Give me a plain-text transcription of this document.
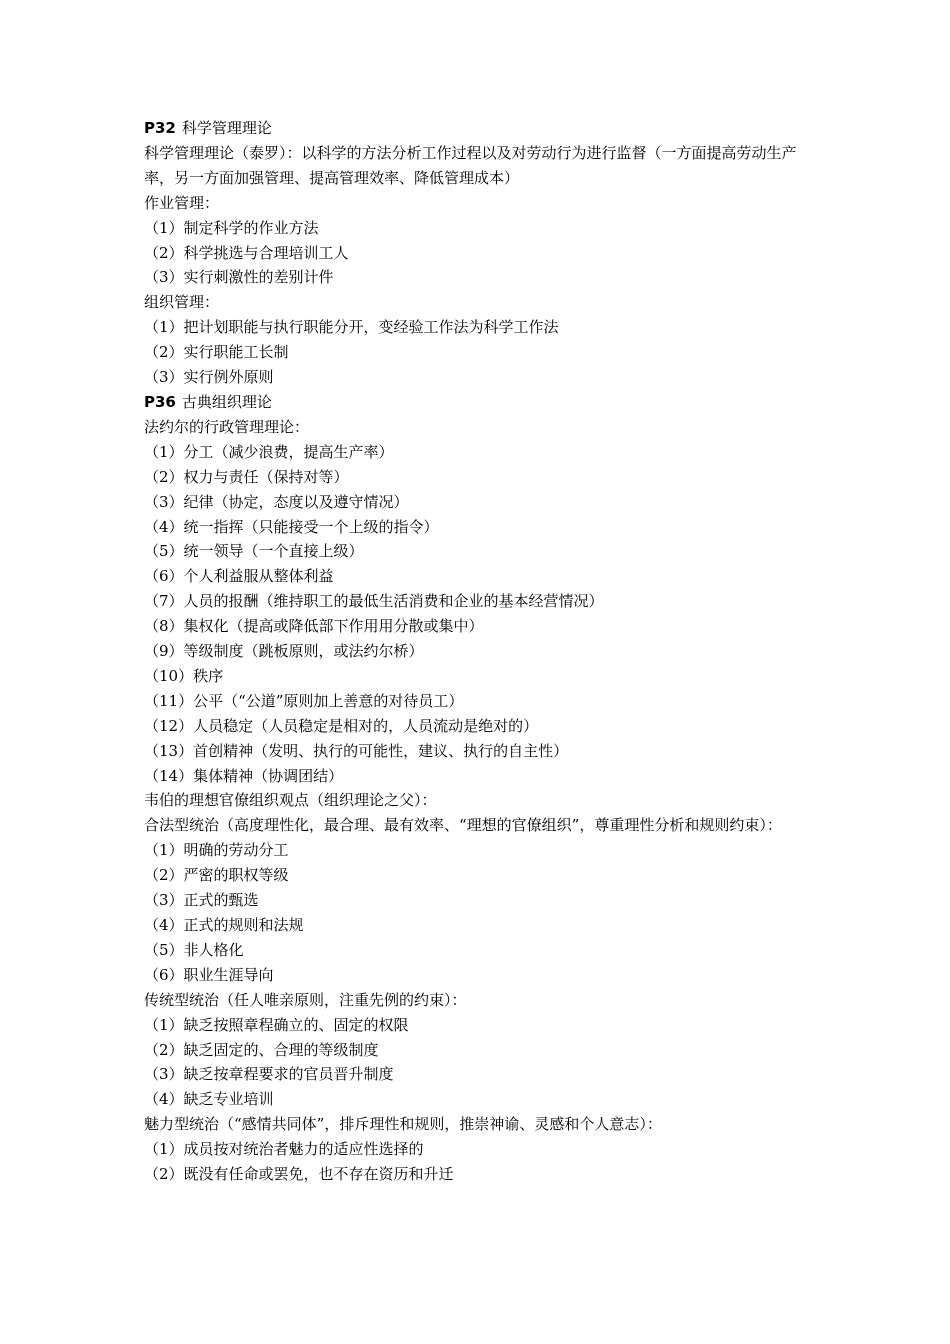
P32 科学管理理论
科学管理理论（泰罗）：以科学的方法分析工作过程以及对劳动行为进行监督（一方面提高劳动生产率，另一方面加强管理、提高管理效率、降低管理成本）
作业管理：
（1）制定科学的作业方法
（2）科学挑选与合理培训工人
（3）实行刺激性的差别计件
组织管理：
（1）把计划职能与执行职能分开，变经验工作法为科学工作法
（2）实行职能工长制
（3）实行例外原则
P36 古典组织理论
法约尔的行政管理理论：
（1）分工（减少浪费，提高生产率）
（2）权力与责任（保持对等）
（3）纪律（协定，态度以及遵守情况）
（4）统一指挥（只能接受一个上级的指令）
（5）统一领导（一个直接上级）
（6）个人利益服从整体利益
（7）人员的报酬（维持职工的最低生活消费和企业的基本经营情况）
（8）集权化（提高或降低部下作用用分散或集中）
（9）等级制度（跳板原则，或法约尔桥）
（10）秩序
（11）公平（“公道”原则加上善意的对待员工）
（12）人员稳定（人员稳定是相对的，人员流动是绝对的）
（13）首创精神（发明、执行的可能性，建议、执行的自主性）
（14）集体精神（协调团结）
韦伯的理想官僚组织观点（组织理论之父）：
合法型统治（高度理性化，最合理、最有效率、“理想的官僚组织”，尊重理性分析和规则约束）：
（1）明确的劳动分工
（2）严密的职权等级
（3）正式的甄选
（4）正式的规则和法规
（5）非人格化
（6）职业生涯导向
传统型统治（任人唯亲原则，注重先例的约束）：
（1）缺乏按照章程确立的、固定的权限
（2）缺乏固定的、合理的等级制度
（3）缺乏按章程要求的官员晋升制度
（4）缺乏专业培训
魅力型统治（“感情共同体”，排斥理性和规则，推崇神谕、灵感和个人意志）：
（1）成员按对统治者魅力的适应性选择的
（2）既没有任命或罢免，也不存在资历和升迁
